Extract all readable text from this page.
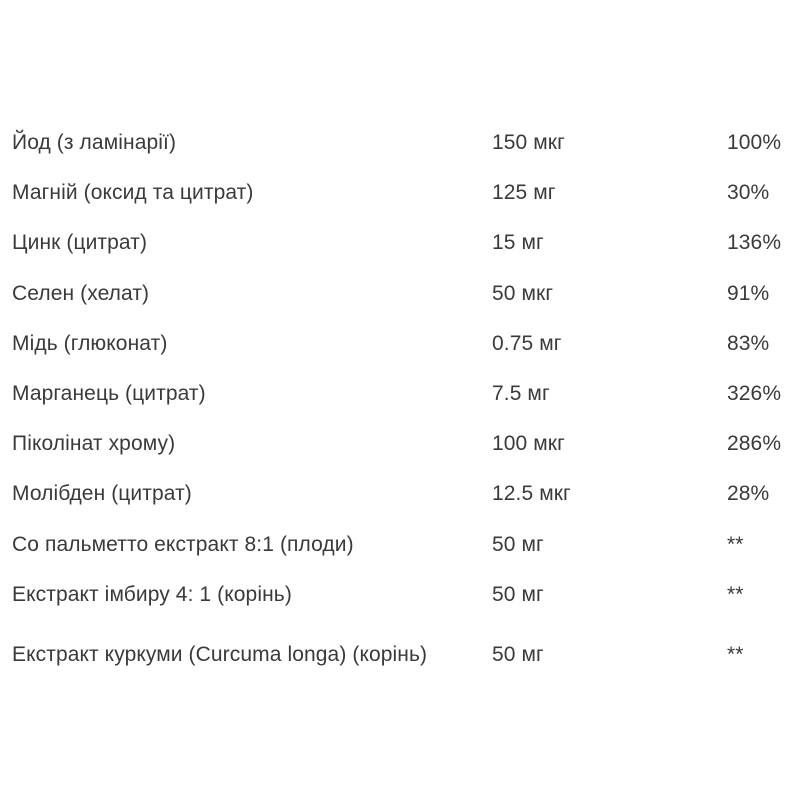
Йод (з ламінарії)	150 мкг	100%
Магній (оксид та цитрат)	125 мг	30%
Цинк (цитрат)	15 мг	136%
Селен (хелат)	50 мкг	91%
Мідь (глюконат)	0.75 мг	83%
Марганець (цитрат)	7.5 мг	326%
Піколінат хрому)	100 мкг	286%
Молібден (цитрат)	12.5 мкг	28%
Со пальметто екстракт 8:1 (плоди)	50 мг	**
Екстракт імбиру 4: 1 (корінь)	50 мг	**
Екстракт куркуми (Curcuma longa) (корінь)	50 мг	**
